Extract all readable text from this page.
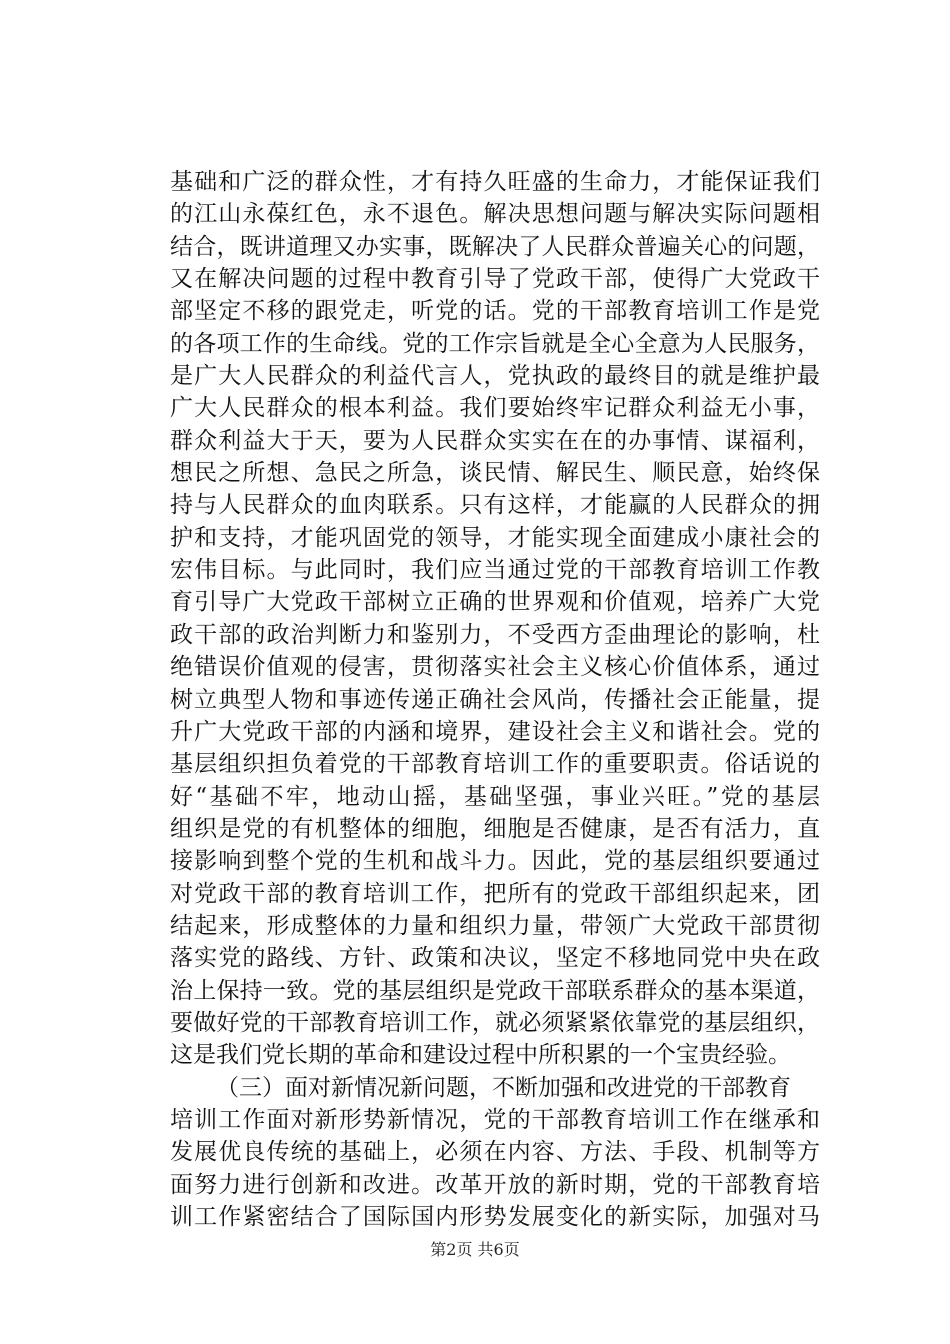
基础和广泛的群众性，才有持久旺盛的生命力，才能保证我们
的江山永葆红色，永不退色。解决思想问题与解决实际问题相
结合，既讲道理又办实事，既解决了人民群众普遍关心的问题，
又在解决问题的过程中教育引导了党政干部，使得广大党政干
部坚定不移的跟党走，听党的话。党的干部教育培训工作是党
的各项工作的生命线。党的工作宗旨就是全心全意为人民服务，
是广大人民群众的利益代言人，党执政的最终目的就是维护最
广大人民群众的根本利益。我们要始终牢记群众利益无小事，
群众利益大于天，要为人民群众实实在在的办事情、谋福利，
想民之所想、急民之所急，谈民情、解民生、顺民意，始终保
持与人民群众的血肉联系。只有这样，才能赢的人民群众的拥
护和支持，才能巩固党的领导，才能实现全面建成小康社会的
宏伟目标。与此同时，我们应当通过党的干部教育培训工作教
育引导广大党政干部树立正确的世界观和价值观，培养广大党
政干部的政治判断力和鉴别力，不受西方歪曲理论的影响，杜
绝错误价值观的侵害，贯彻落实社会主义核心价值体系，通过
树立典型人物和事迹传递正确社会风尚，传播社会正能量，提
升广大党政干部的内涵和境界，建设社会主义和谐社会。党的
基层组织担负着党的干部教育培训工作的重要职责。俗话说的
好“基础不牢，地动山摇，基础坚强，事业兴旺。”党的基层
组织是党的有机整体的细胞，细胞是否健康，是否有活力，直
接影响到整个党的生机和战斗力。因此，党的基层组织要通过
对党政干部的教育培训工作，把所有的党政干部组织起来，团
结起来，形成整体的力量和组织力量，带领广大党政干部贯彻
落实党的路线、方针、政策和决议，坚定不移地同党中央在政
治上保持一致。党的基层组织是党政干部联系群众的基本渠道，
要做好党的干部教育培训工作，就必须紧紧依靠党的基层组织，
这是我们党长期的革命和建设过程中所积累的一个宝贵经验。
（三）面对新情况新问题，不断加强和改进党的干部教育
培训工作面对新形势新情况，党的干部教育培训工作在继承和
发展优良传统的基础上，必须在内容、方法、手段、机制等方
面努力进行创新和改进。改革开放的新时期，党的干部教育培
训工作紧密结合了国际国内形势发展变化的新实际，加强对马
第2页 共6页
